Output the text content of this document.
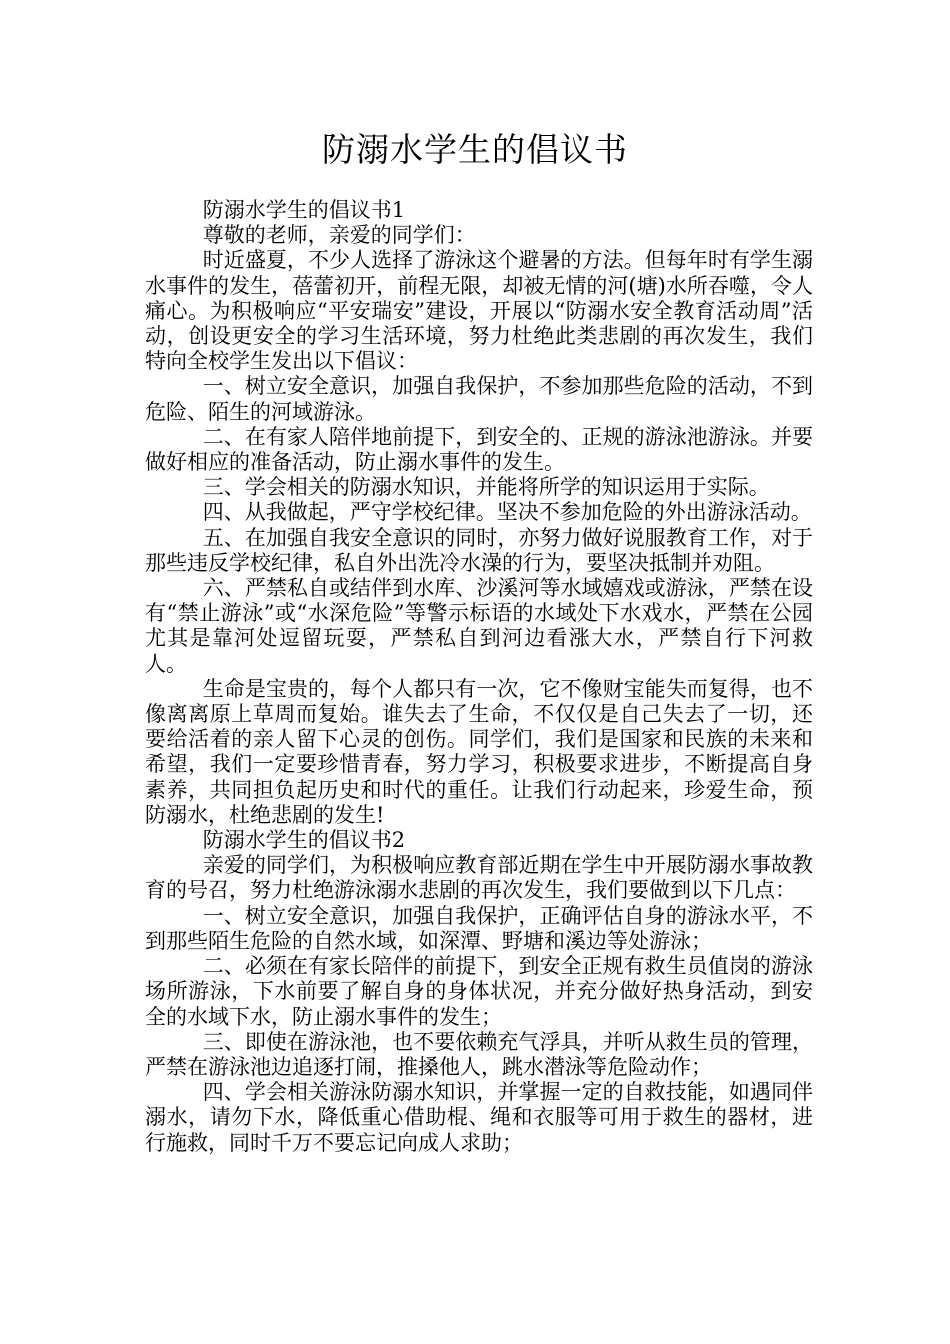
防溺水学生的倡议书

防溺水学生的倡议书1

尊敬的老师，亲爱的同学们：

时近盛夏，不少人选择了游泳这个避暑的方法。但每年时有学生溺水事件的发生，蓓蕾初开，前程无限，却被无情的河(塘)水所吞噬，令人痛心。为积极响应“平安瑞安”建设，开展以“防溺水安全教育活动周”活动，创设更安全的学习生活环境，努力杜绝此类悲剧的再次发生，我们特向全校学生发出以下倡议：

一、树立安全意识，加强自我保护，不参加那些危险的活动，不到危险、陌生的河域游泳。

二、在有家人陪伴地前提下，到安全的、正规的游泳池游泳。并要做好相应的准备活动，防止溺水事件的发生。

三、学会相关的防溺水知识，并能将所学的知识运用于实际。

四、从我做起，严守学校纪律。坚决不参加危险的外出游泳活动。

五、在加强自我安全意识的同时，亦努力做好说服教育工作，对于那些违反学校纪律，私自外出洗冷水澡的行为，要坚决抵制并劝阻。

六、严禁私自或结伴到水库、沙溪河等水域嬉戏或游泳，严禁在设有“禁止游泳”或“水深危险”等警示标语的水域处下水戏水，严禁在公园尤其是靠河处逗留玩耍，严禁私自到河边看涨大水，严禁自行下河救人。

生命是宝贵的，每个人都只有一次，它不像财宝能失而复得，也不像离离原上草周而复始。谁失去了生命，不仅仅是自己失去了一切，还要给活着的亲人留下心灵的创伤。同学们，我们是国家和民族的未来和希望，我们一定要珍惜青春，努力学习，积极要求进步，不断提高自身素养，共同担负起历史和时代的重任。让我们行动起来，珍爱生命，预防溺水，杜绝悲剧的发生!

防溺水学生的倡议书2

亲爱的同学们，为积极响应教育部近期在学生中开展防溺水事故教育的号召，努力杜绝游泳溺水悲剧的再次发生，我们要做到以下几点：

一、树立安全意识，加强自我保护，正确评估自身的游泳水平，不到那些陌生危险的自然水域，如深潭、野塘和溪边等处游泳；

二、必须在有家长陪伴的前提下，到安全正规有救生员值岗的游泳场所游泳，下水前要了解自身的身体状况，并充分做好热身活动，到安全的水域下水，防止溺水事件的发生；

三、即使在游泳池，也不要依赖充气浮具，并听从救生员的管理，严禁在游泳池边追逐打闹，推搡他人，跳水潜泳等危险动作；

四、学会相关游泳防溺水知识，并掌握一定的自救技能，如遇同伴溺水，请勿下水，降低重心借助棍、绳和衣服等可用于救生的器材，进行施救，同时千万不要忘记向成人求助；
